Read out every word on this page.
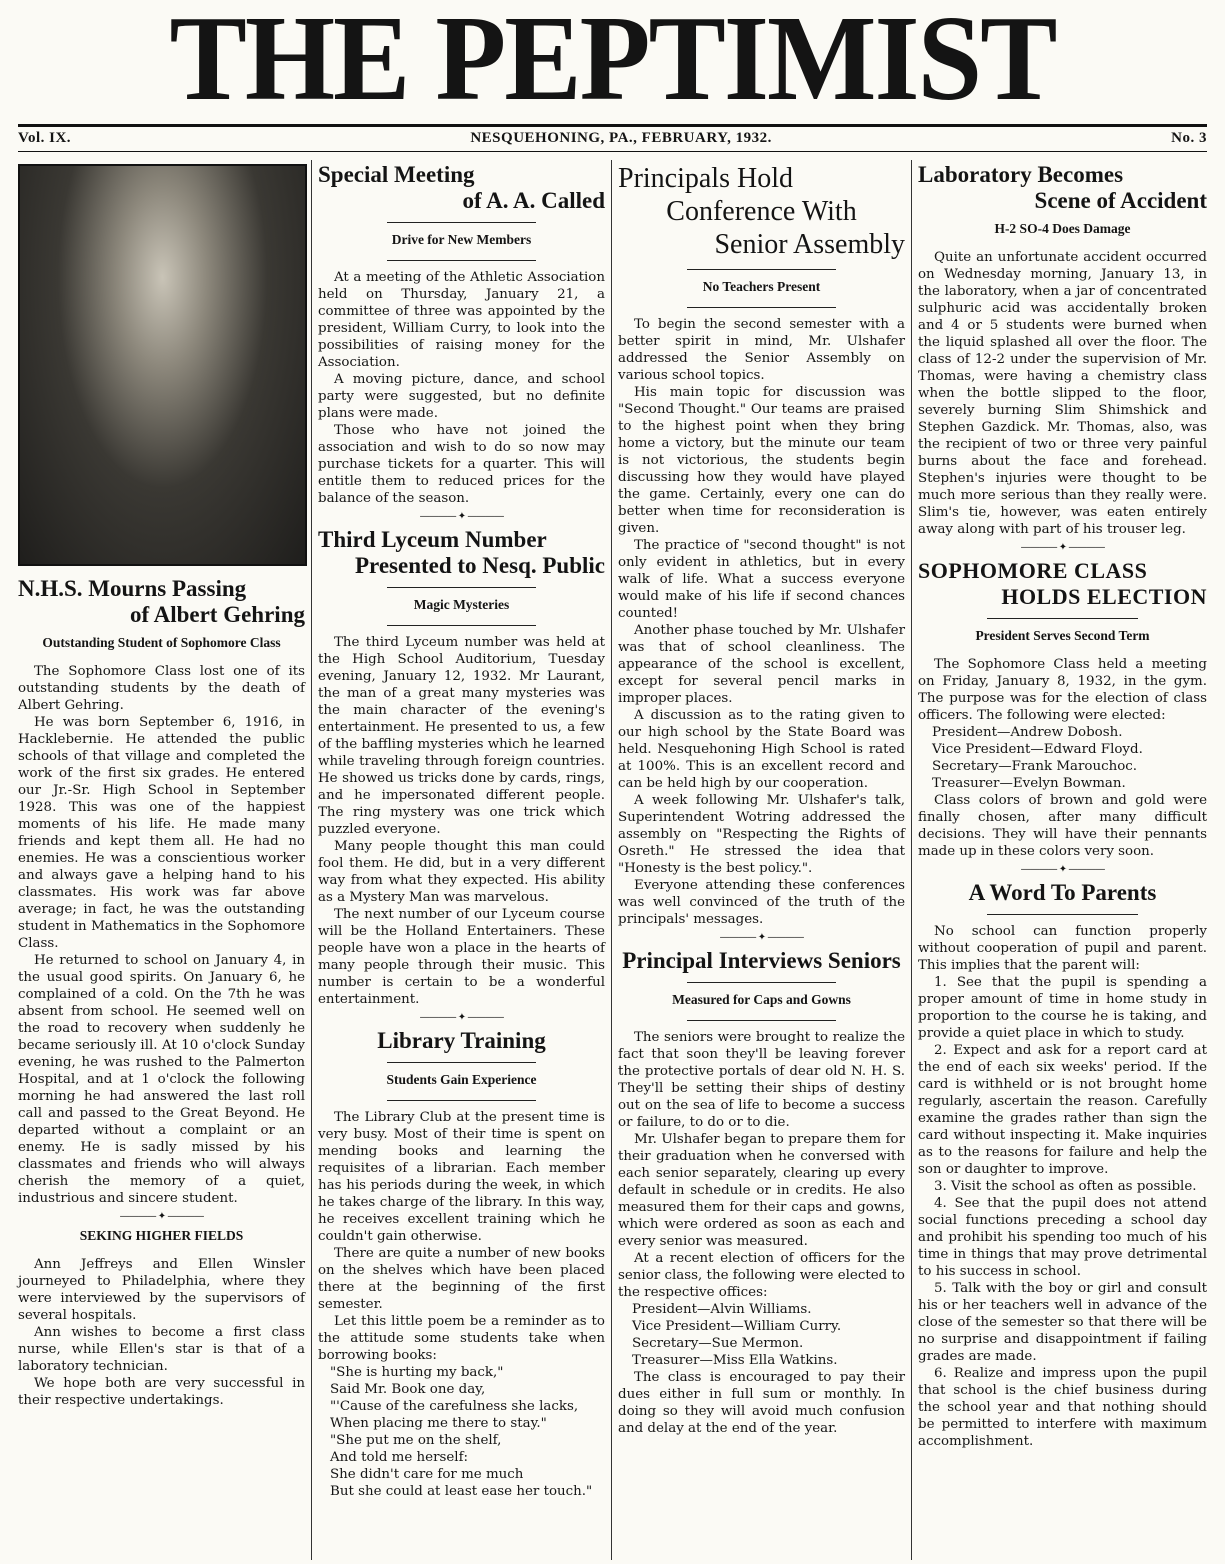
THE PEPTIMIST
Vol. IX.	NESQUEHONING, PA., FEBRUARY, 1932.	No. 3
N.H.S. Mourns Passing
of Albert Gehring
Outstanding Student of Sophomore Class

The Sophomore Class lost one of its outstanding students by the death of Albert Gehring.

He was born September 6, 1916, in Hacklebernie. He attended the public schools of that village and completed the work of the first six grades. He entered our Jr.-Sr. High School in September 1928. This was one of the happiest moments of his life. He made many friends and kept them all. He had no enemies. He was a conscientious worker and always gave a helping hand to his classmates. His work was far above average; in fact, he was the outstanding student in Mathematics in the Sophomore Class.

He returned to school on January 4, in the usual good spirits. On January 6, he complained of a cold. On the 7th he was absent from school. He seemed well on the road to recovery when suddenly he became seriously ill. At 10 o'clock Sunday evening, he was rushed to the Palmerton Hospital, and at 1 o'clock the following morning he had answered the last roll call and passed to the Great Beyond. He departed without a complaint or an enemy. He is sadly missed by his classmates and friends who will always cherish the memory of a quiet, industrious and sincere student.

———— ✦ ————
SEKING HIGHER FIELDS

Ann Jeffreys and Ellen Winsler journeyed to Philadelphia, where they were interviewed by the supervisors of several hospitals.

Ann wishes to become a first class nurse, while Ellen's star is that of a laboratory technician.

We hope both are very successful in their respective undertakings.

Special Meeting
of A. A. Called
Drive for New Members

At a meeting of the Athletic Association held on Thursday, January 21, a committee of three was appointed by the president, William Curry, to look into the possibilities of raising money for the Association.

A moving picture, dance, and school party were suggested, but no definite plans were made.

Those who have not joined the association and wish to do so now may purchase tickets for a quarter. This will entitle them to reduced prices for the balance of the season.

———— ✦ ————
Third Lyceum Number
Presented to Nesq. Public
Magic Mysteries

The third Lyceum number was held at the High School Auditorium, Tuesday evening, January 12, 1932. Mr Laurant, the man of a great many mysteries was the main character of the evening's entertainment. He presented to us, a few of the baffling mysteries which he learned while traveling through foreign countries. He showed us tricks done by cards, rings, and he impersonated different people. The ring mystery was one trick which puzzled everyone.

Many people thought this man could fool them. He did, but in a very different way from what they expected. His ability as a Mystery Man was marvelous.

The next number of our Lyceum course will be the Holland Entertainers. These people have won a place in the hearts of many people through their music. This number is certain to be a wonderful entertainment.

———— ✦ ————
Library Training
Students Gain Experience

The Library Club at the present time is very busy. Most of their time is spent on mending books and learning the requisites of a librarian. Each member has his periods during the week, in which he takes charge of the library. In this way, he receives excellent training which he couldn't gain otherwise.

There are quite a number of new books on the shelves which have been placed there at the beginning of the first semester.

Let this little poem be a reminder as to the attitude some students take when borrowing books:

"She is hurting my back,"

Said Mr. Book one day,

"'Cause of the carefulness she lacks,

When placing me there to stay."

"She put me on the shelf,

And told me herself:

She didn't care for me much

But she could at least ease her touch."

Principals Hold
Conference With
Senior Assembly
No Teachers Present

To begin the second semester with a better spirit in mind, Mr. Ulshafer addressed the Senior Assembly on various school topics.

His main topic for discussion was "Second Thought." Our teams are praised to the highest point when they bring home a victory, but the minute our team is not victorious, the students begin discussing how they would have played the game. Certainly, every one can do better when time for reconsideration is given.

The practice of "second thought" is not only evident in athletics, but in every walk of life. What a success everyone would make of his life if second chances counted!

Another phase touched by Mr. Ulshafer was that of school cleanliness. The appearance of the school is excellent, except for several pencil marks in improper places.

A discussion as to the rating given to our high school by the State Board was held. Nesquehoning High School is rated at 100%. This is an excellent record and can be held high by our cooperation.

A week following Mr. Ulshafer's talk, Superintendent Wotring addressed the assembly on "Respecting the Rights of Osreth." He stressed the idea that "Honesty is the best policy.".

Everyone attending these conferences was well convinced of the truth of the principals' messages.

———— ✦ ————
Principal Interviews Seniors
Measured for Caps and Gowns

The seniors were brought to realize the fact that soon they'll be leaving forever the protective portals of dear old N. H. S. They'll be setting their ships of destiny out on the sea of life to become a success or failure, to do or to die.

Mr. Ulshafer began to prepare them for their graduation when he conversed with each senior separately, clearing up every default in schedule or in credits. He also measured them for their caps and gowns, which were ordered as soon as each and every senior was measured.

At a recent election of officers for the senior class, the following were elected to the respective offices:

President—Alvin Williams.

Vice President—William Curry.

Secretary—Sue Mermon.

Treasurer—Miss Ella Watkins.

The class is encouraged to pay their dues either in full sum or monthly. In doing so they will avoid much confusion and delay at the end of the year.

Laboratory Becomes
Scene of Accident
H-2 SO-4 Does Damage

Quite an unfortunate accident occurred on Wednesday morning, January 13, in the laboratory, when a jar of concentrated sulphuric acid was accidentally broken and 4 or 5 students were burned when the liquid splashed all over the floor. The class of 12-2 under the supervision of Mr. Thomas, were having a chemistry class when the bottle slipped to the floor, severely burning Slim Shimshick and Stephen Gazdick. Mr. Thomas, also, was the recipient of two or three very painful burns about the face and forehead. Stephen's injuries were thought to be much more serious than they really were. Slim's tie, however, was eaten entirely away along with part of his trouser leg.

———— ✦ ————
SOPHOMORE CLASS
HOLDS ELECTION
President Serves Second Term

The Sophomore Class held a meeting on Friday, January 8, 1932, in the gym. The purpose was for the election of class officers. The following were elected:

President—Andrew Dobosh.

Vice President—Edward Floyd.

Secretary—Frank Marouchoc.

Treasurer—Evelyn Bowman.

Class colors of brown and gold were finally chosen, after many difficult decisions. They will have their pennants made up in these colors very soon.

———— ✦ ————
A Word To Parents

No school can function properly without cooperation of pupil and parent. This implies that the parent will:

1. See that the pupil is spending a proper amount of time in home study in proportion to the course he is taking, and provide a quiet place in which to study.

2. Expect and ask for a report card at the end of each six weeks' period. If the card is withheld or is not brought home regularly, ascertain the reason. Carefully examine the grades rather than sign the card without inspecting it. Make inquiries as to the reasons for failure and help the son or daughter to improve.

3. Visit the school as often as possible.

4. See that the pupil does not attend social functions preceding a school day and prohibit his spending too much of his time in things that may prove detrimental to his success in school.

5. Talk with the boy or girl and consult his or her teachers well in advance of the close of the semester so that there will be no surprise and disappointment if failing grades are made.

6. Realize and impress upon the pupil that school is the chief business during the school year and that nothing should be permitted to interfere with maximum accomplishment.
